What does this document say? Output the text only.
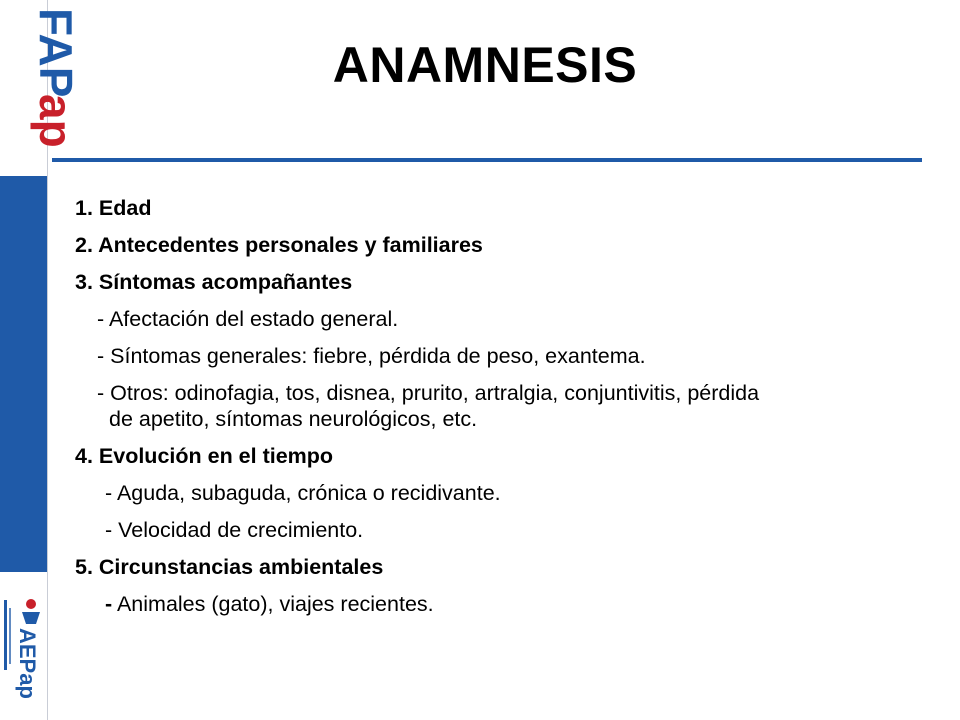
FAP
ap
AEPap
ANAMNESIS
1. Edad
2. Antecedentes personales y familiares
3. Síntomas acompañantes
- Afectación del estado general.
- Síntomas generales: fiebre, pérdida de peso, exantema.
- Otros: odinofagia, tos, disnea, prurito, artralgia, conjuntivitis, pérdida
de apetito, síntomas neurológicos, etc.
4. Evolución en el tiempo
- Aguda, subaguda, crónica o recidivante.
- Velocidad de crecimiento.
5. Circunstancias ambientales
- Animales (gato), viajes recientes.
